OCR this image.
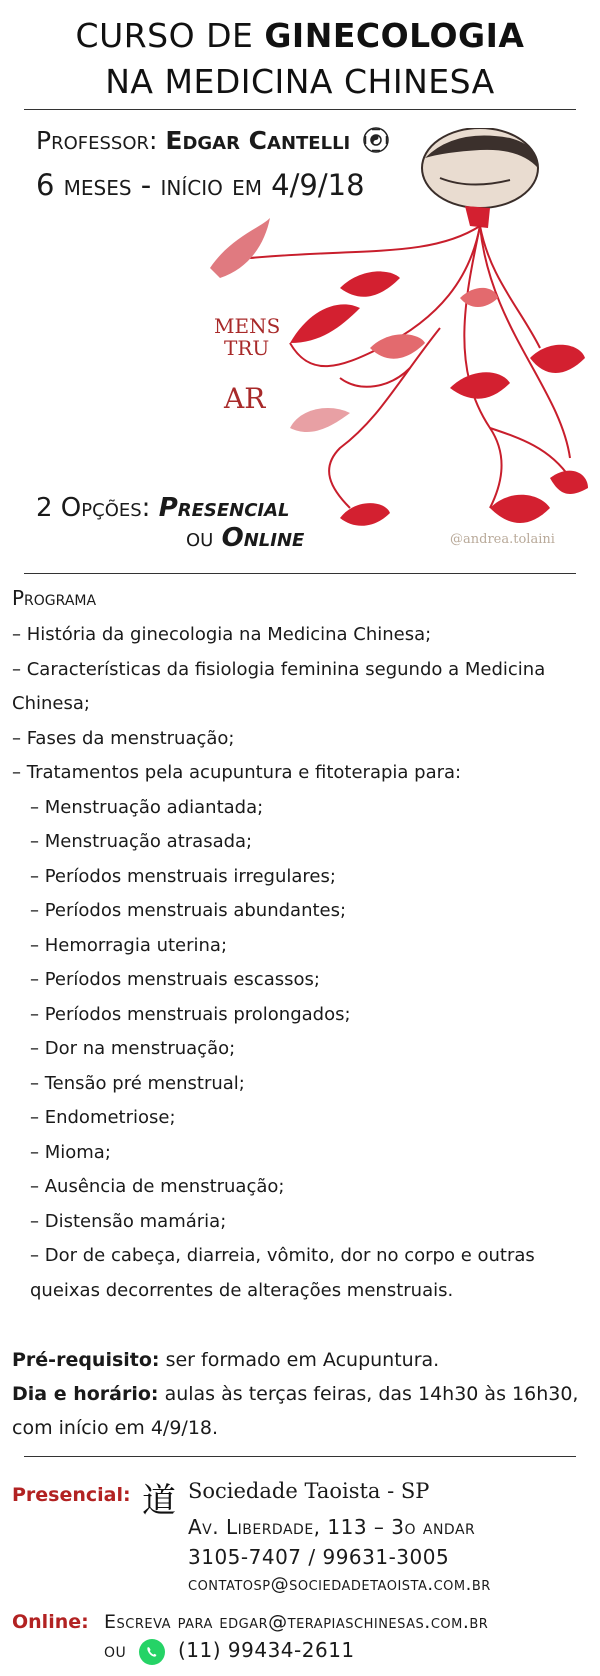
CURSO DE GINECOLOGIA
NA MEDICINA CHINESA
MENS
TRU
AR
@andrea.tolaini
Professor: Edgar Cantelli
6 meses - início em 4/9/18
2 Opções: Presencial
ou Online
Programa
– História da ginecologia na Medicina Chinesa;
– Características da fisiologia feminina segundo a Medicina Chinesa;
– Fases da menstruação;
– Tratamentos pela acupuntura e fitoterapia para:
– Menstruação adiantada;
– Menstruação atrasada;
– Períodos menstruais irregulares;
– Períodos menstruais abundantes;
– Hemorragia uterina;
– Períodos menstruais escassos;
– Períodos menstruais prolongados;
– Dor na menstruação;
– Tensão pré menstrual;
– Endometriose;
– Mioma;
– Ausência de menstruação;
– Distensão mamária;
– Dor de cabeça, diarreia, vômito, dor no corpo e outras queixas decorrentes de alterações menstruais.
Pré-requisito: ser formado em Acupuntura.
Dia e horário: aulas às terças feiras, das 14h30 às 16h30, com início em 4/9/18.
Presencial: 道 Sociedade Taoista - SP
Av. Liberdade, 113 – 3o andar
3105-7407 / 99631-3005
contatosp@sociedadetaoista.com.br
Online: Escreva para edgar@terapiaschinesas.com.br
ou	(11) 99434-2611
